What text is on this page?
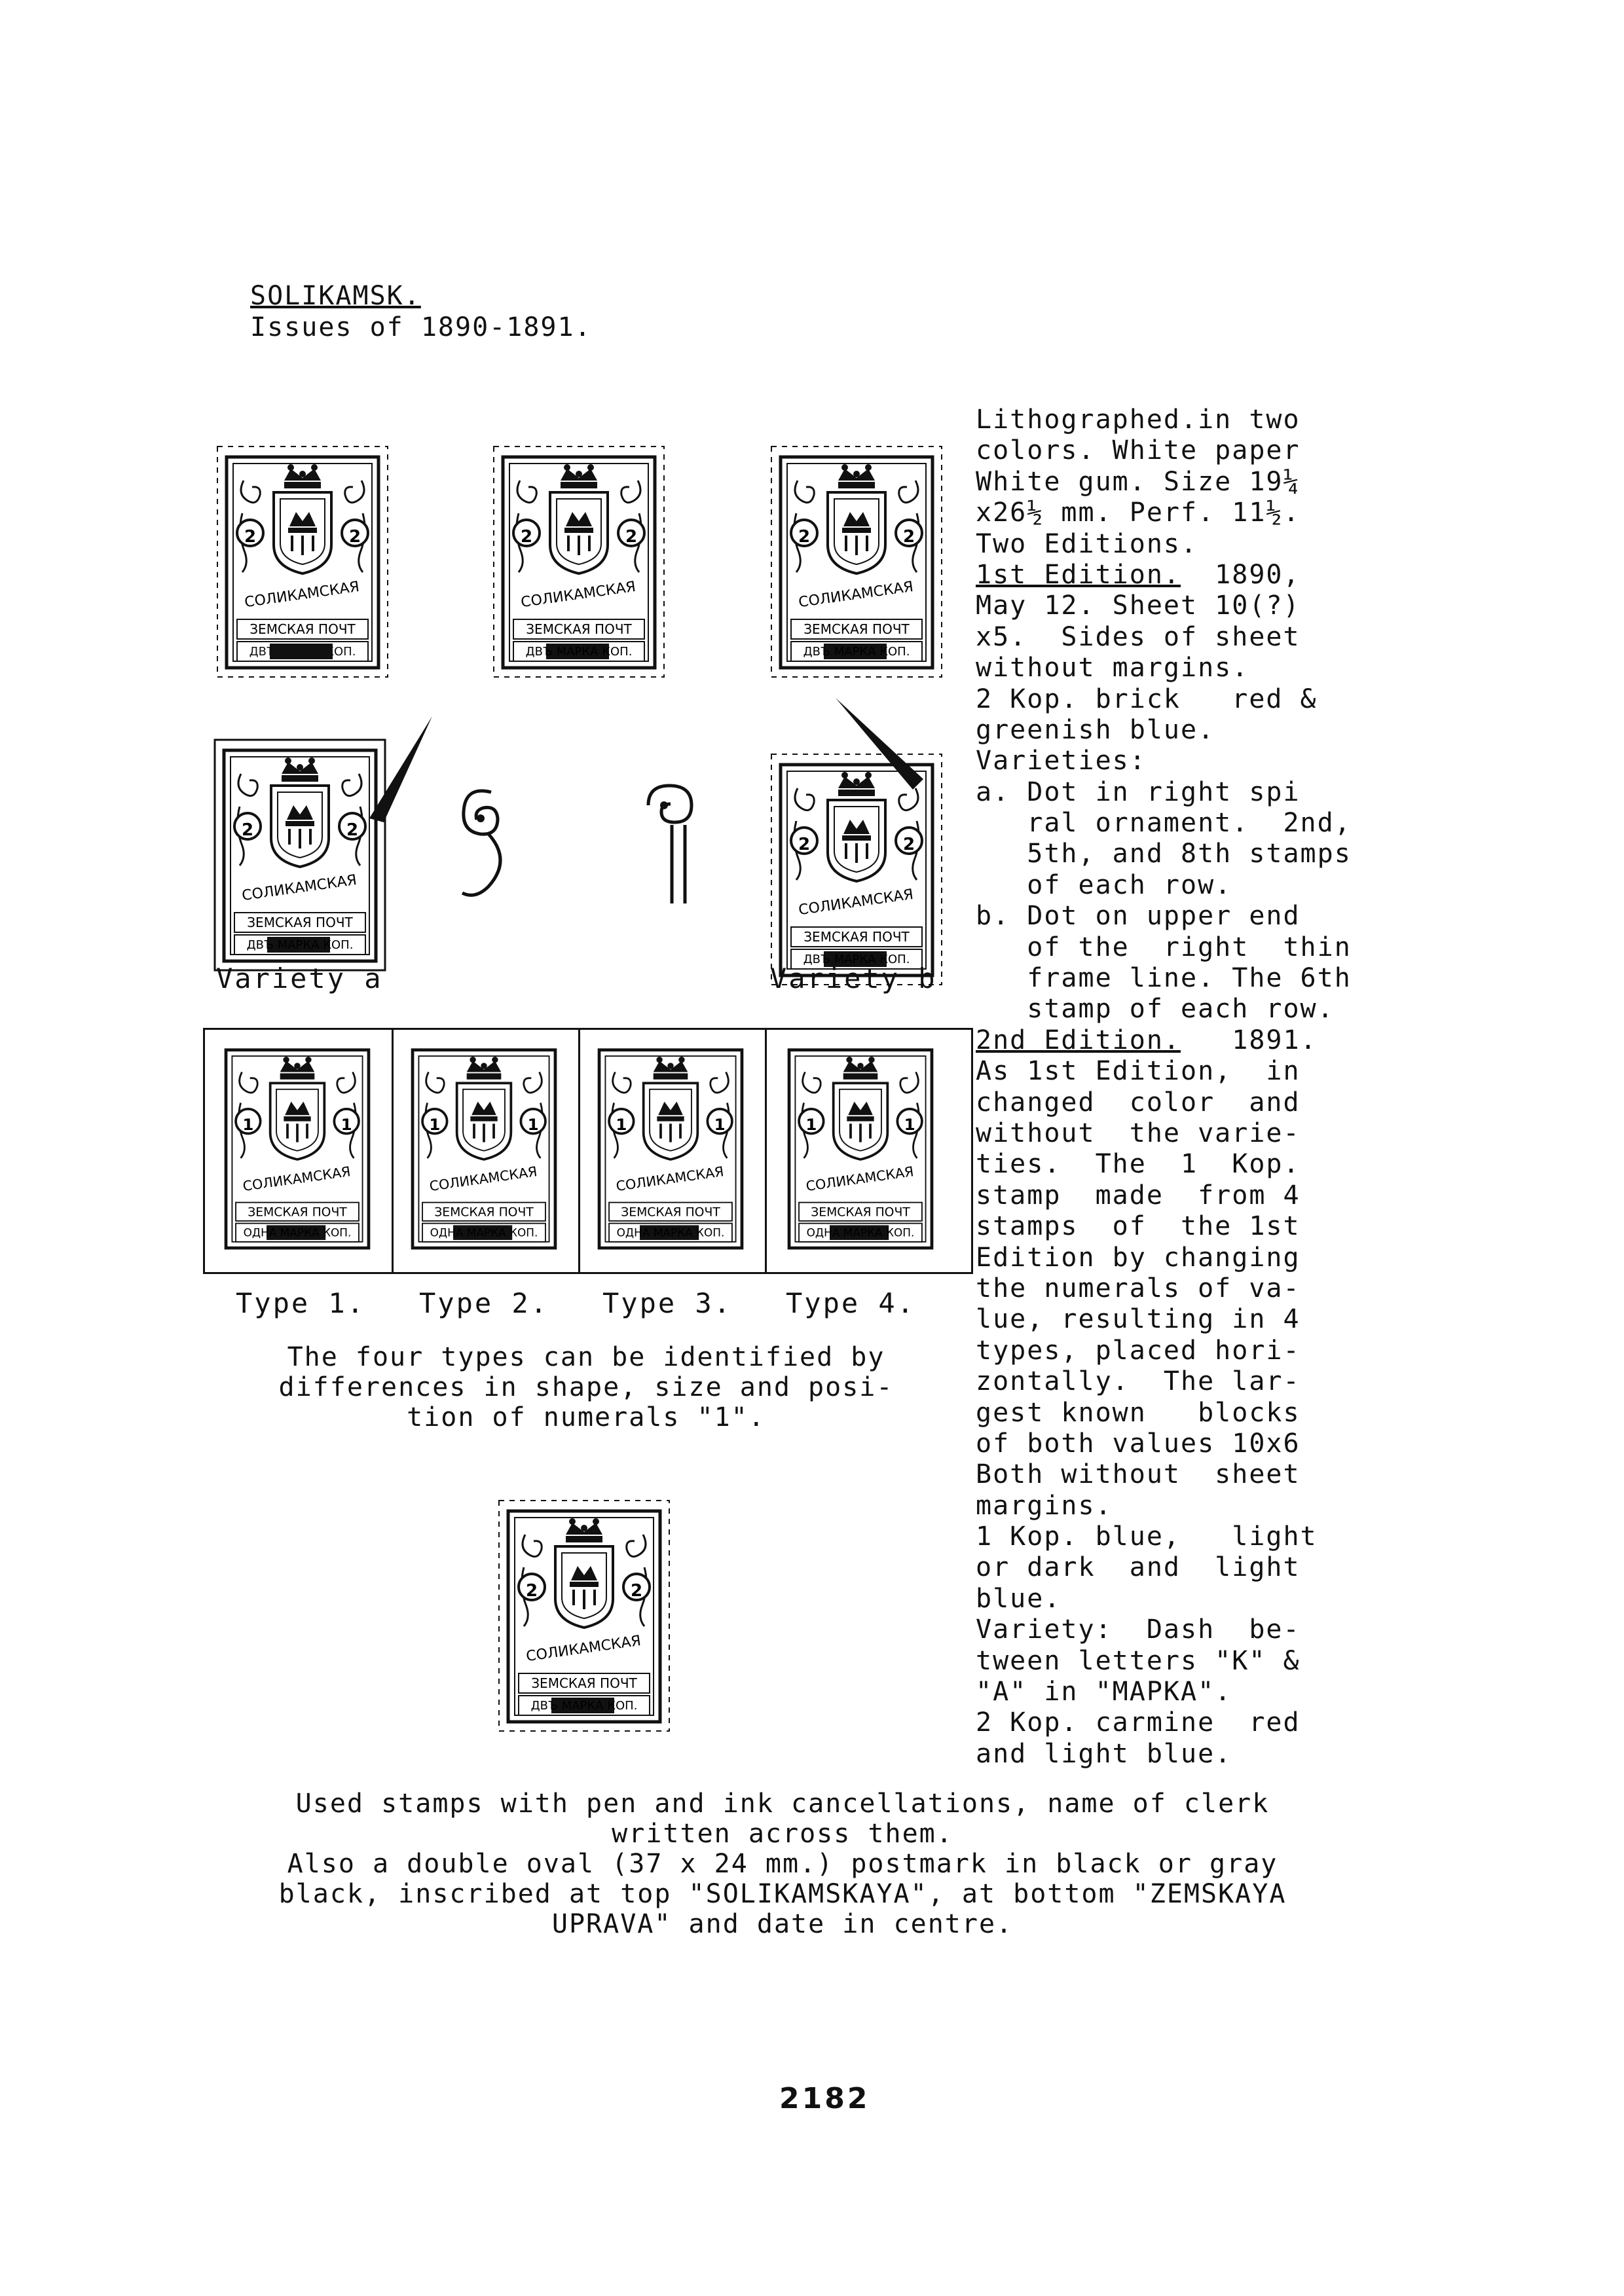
SOLIKAMSK.
Issues of 1890-1891.
2	2
СОЛИКАМСКАЯ
ЗЕМСКАЯ ПОЧТ
ДВЪ МАРКА КОП.
2	2
СОЛИКАМСКАЯ
ЗЕМСКАЯ ПОЧТ
ДВЪ МАРКА КОП.
2	2
СОЛИКАМСКАЯ
ЗЕМСКАЯ ПОЧТ
ДВЪ МАРКА КОП.
2	2
СОЛИКАМСКАЯ
ЗЕМСКАЯ ПОЧТ
ДВЪ МАРКА КОП.
2	2
СОЛИКАМСКАЯ
ЗЕМСКАЯ ПОЧТ
ДВЪ МАРКА КОП.
Variety a	Variety b
1	1
СОЛИКАМСКАЯ
ЗЕМСКАЯ ПОЧТ
ОДНА МАРКА КОП.
1	1
СОЛИКАМСКАЯ
ЗЕМСКАЯ ПОЧТ
ОДНА МАРКА КОП.
1	1
СОЛИКАМСКАЯ
ЗЕМСКАЯ ПОЧТ
ОДНА МАРКА КОП.
1	1
СОЛИКАМСКАЯ
ЗЕМСКАЯ ПОЧТ
ОДНА МАРКА КОП.
Type 1. Type 2. Type 3. Type 4.
The four types can be identified by
differences in shape, size and posi-
tion of numerals "1".
2	2
СОЛИКАМСКАЯ
ЗЕМСКАЯ ПОЧТ
ДВЪ МАРКА КОП.
Lithographed.in two
colors. White paper
White gum. Size 19¼
x26½ mm. Perf. 11½.
Two Editions.
1st Edition.  1890,
May 12. Sheet 10(?)
x5.  Sides of sheet
without margins.
2 Kop. brick   red &
greenish blue.
Varieties:
a. Dot in right spi
ral ornament.  2nd,
5th, and 8th stamps
of each row.
b. Dot on upper end
of the  right  thin
frame line. The 6th
stamp of each row.
2nd Edition.   1891.
As 1st Edition,  in
changed  color  and
without  the varie-
ties.  The  1  Kop.
stamp  made  from 4
stamps  of  the 1st
Edition by changing
the numerals of va-
lue, resulting in 4
types, placed hori-
zontally.  The lar-
gest known   blocks
of both values 10x6
Both without  sheet
margins.
1 Kop. blue,   light
or dark  and  light
blue.
Variety:  Dash  be-
tween letters "K" &
"A" in "MAPKA".
2 Kop. carmine  red
and light blue.
Used stamps with pen and ink cancellations, name of clerk
written across them.
Also a double oval (37 x 24 mm.) postmark in black or gray
black, inscribed at top "SOLIKAMSKAYA", at bottom "ZEMSKAYA
UPRAVA" and date in centre.
2182
